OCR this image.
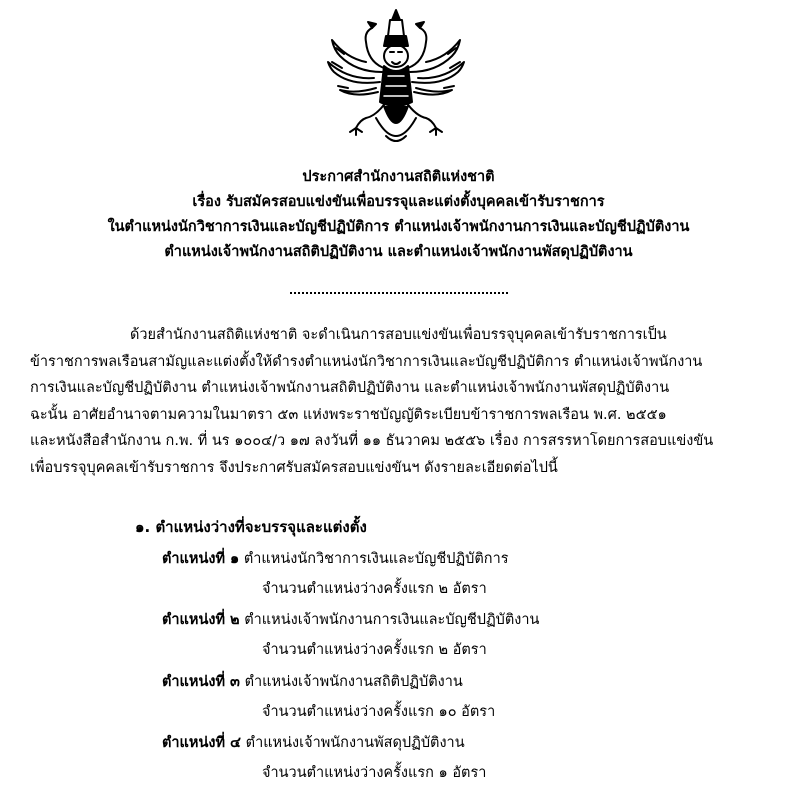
ประกาศสำนักงานสถิติแห่งชาติ
เรื่อง รับสมัครสอบแข่งขันเพื่อบรรจุและแต่งตั้งบุคคลเข้ารับราชการ
ในตำแหน่งนักวิชาการเงินและบัญชีปฏิบัติการ ตำแหน่งเจ้าพนักงานการเงินและบัญชีปฏิบัติงาน
ตำแหน่งเจ้าพนักงานสถิติปฏิบัติงาน และตำแหน่งเจ้าพนักงานพัสดุปฏิบัติงาน
ด้วยสำนักงานสถิติแห่งชาติ จะดำเนินการสอบแข่งขันเพื่อบรรจุบุคคลเข้ารับราชการเป็น
ข้าราชการพลเรือนสามัญและแต่งตั้งให้ดำรงตำแหน่งนักวิชาการเงินและบัญชีปฏิบัติการ ตำแหน่งเจ้าพนักงาน
การเงินและบัญชีปฏิบัติงาน ตำแหน่งเจ้าพนักงานสถิติปฏิบัติงาน และตำแหน่งเจ้าพนักงานพัสดุปฏิบัติงาน
ฉะนั้น อาศัยอำนาจตามความในมาตรา ๕๓ แห่งพระราชบัญญัติระเบียบข้าราชการพลเรือน พ.ศ. ๒๕๕๑
และหนังสือสำนักงาน ก.พ. ที่ นร ๑๐๐๔/ว ๑๗ ลงวันที่ ๑๑ ธันวาคม ๒๕๕๖ เรื่อง การสรรหาโดยการสอบแข่งขัน
เพื่อบรรจุบุคคลเข้ารับราชการ จึงประกาศรับสมัครสอบแข่งขันฯ ดังรายละเอียดต่อไปนี้
๑. ตำแหน่งว่างที่จะบรรจุและแต่งตั้ง
ตำแหน่งที่ ๑ ตำแหน่งนักวิชาการเงินและบัญชีปฏิบัติการ
จำนวนตำแหน่งว่างครั้งแรก ๒ อัตรา
ตำแหน่งที่ ๒ ตำแหน่งเจ้าพนักงานการเงินและบัญชีปฏิบัติงาน
จำนวนตำแหน่งว่างครั้งแรก ๒ อัตรา
ตำแหน่งที่ ๓ ตำแหน่งเจ้าพนักงานสถิติปฏิบัติงาน
จำนวนตำแหน่งว่างครั้งแรก ๑๐ อัตรา
ตำแหน่งที่ ๔ ตำแหน่งเจ้าพนักงานพัสดุปฏิบัติงาน
จำนวนตำแหน่งว่างครั้งแรก ๑ อัตรา
